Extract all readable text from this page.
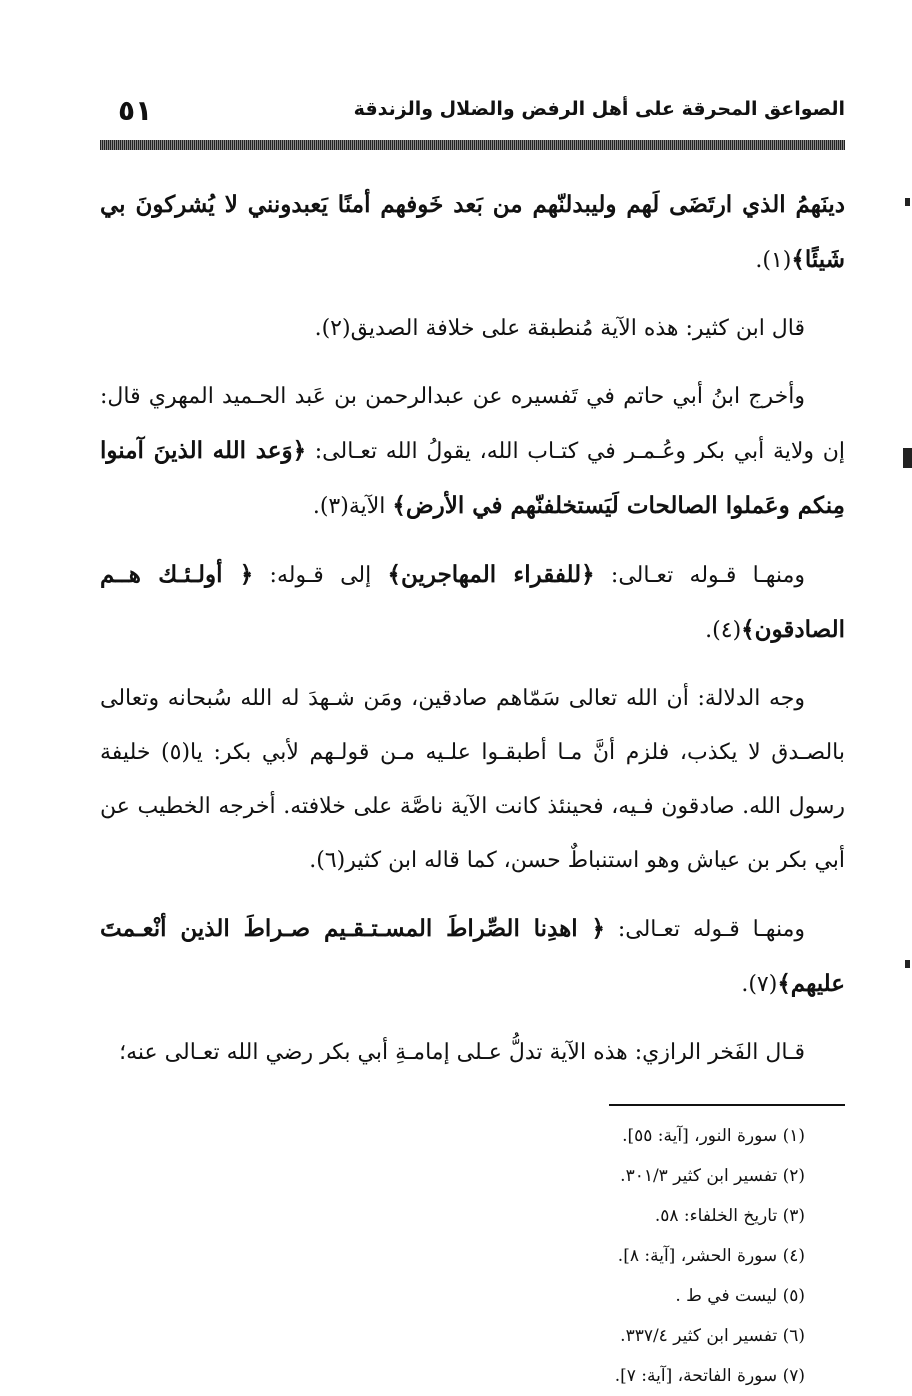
الصواعق المحرقة على أهل الرفض والضلال والزندقة
٥١

دينَهمُ الذي ارتَضَى لَهم وليبدلنّهم من بَعد خَوفهم أمنًا يَعبدونني لا يُشركونَ بي شَيئًا﴾(١).

قال ابن كثير: هذه الآية مُنطبقة على خلافة الصديق(٢).

وأخرج ابنُ أبي حاتم في تَفسيره عن عبدالرحمن بن عَبد الحـميد المهري قال: إن ولاية أبي بكر وعُـمـر في كتـاب الله، يقولُ الله تعـالى: ﴿وَعد الله الذينَ آمنوا مِنكم وعَملوا الصالحات لَيَستخلفنّهم في الأرض﴾ الآية(٣).

ومنهـا قـوله تعـالى: ﴿للفقراء المهاجرين﴾ إلى قـوله: ﴿ أولـئـك هــم الصادقون﴾(٤).

وجه الدلالة: أن الله تعالى سَمّاهم صادقين، ومَن شـهدَ له الله سُبحانه وتعالى بالصـدق لا يكذب، فلزم أنَّ مـا أطبقـوا علـيه مـن قولـهم لأبي بكر: يا(٥) خليفة رسول الله. صادقون فـيه، فحينئذ كانت الآية ناصَّة على خلافته. أخرجه الخطيب عن أبي بكر بن عياش وهو استنباطٌ حسن، كما قاله ابن كثير(٦).

ومنهـا قـوله تعـالى: ﴿ اهدِنا الصِّراطَ المسـتـقـيم صـراطَ الذين أنْعـمتَ عليهم﴾(٧).

قـال الفَخر الرازي: هذه الآية تدلُّ عـلى إمامـةِ أبي بكر رضي الله تعـالى عنه؛

(١) سورة النور، [آية: ٥٥].
(٢) تفسير ابن كثير ٣٠١/٣.
(٣) تاريخ الخلفاء: ٥٨.
(٤) سورة الحشر، [آية: ٨].
(٥) ليست في ط .
(٦) تفسير ابن كثير ٣٣٧/٤.
(٧) سورة الفاتحة، [آية: ٧].
